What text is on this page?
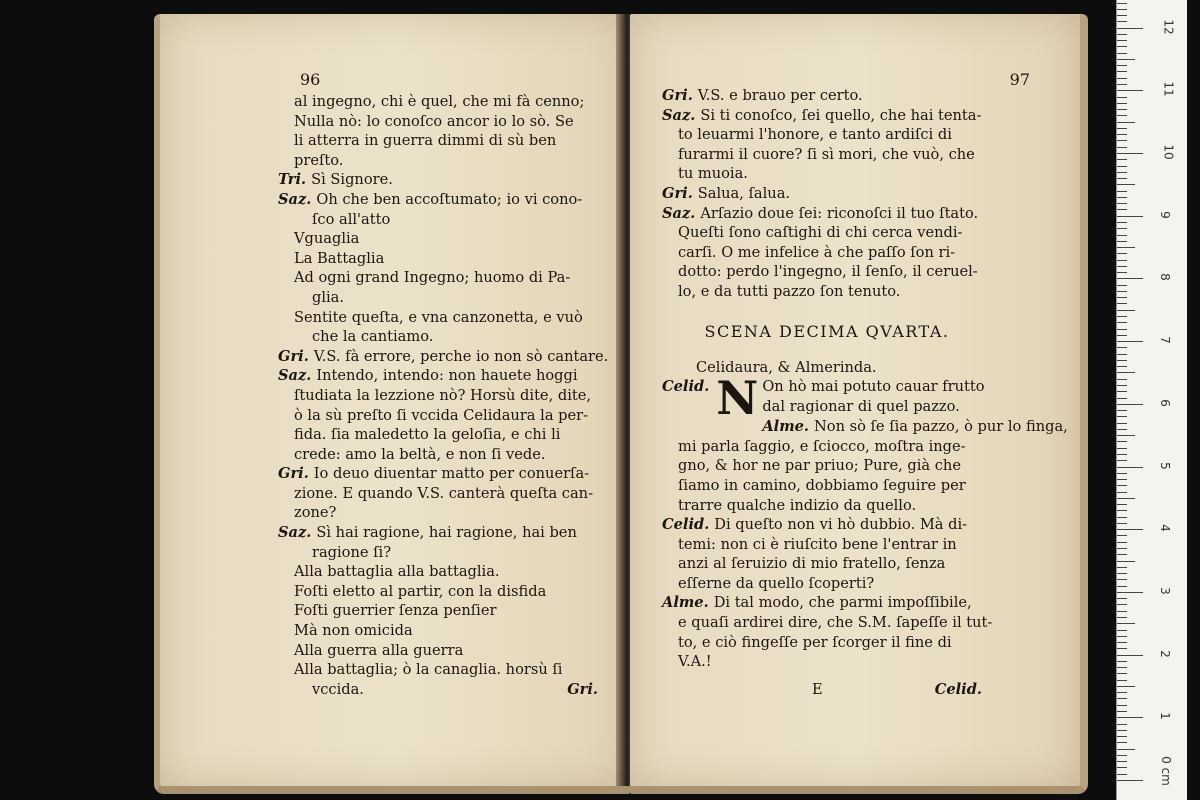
96
al ingegno, chi è quel, che mi fà cenno;
Nulla nò: lo conoſco ancor io lo sò. Se
li atterra in guerra dimmi di sù ben
preſto.
Tri. Sì Signore.
Saz. Oh che ben accoſtumato; io vi cono-
ſco all'atto
Vguaglia
La Battaglia
Ad ogni grand Ingegno; huomo di Pa-
glia.
Sentite queſta, e vna canzonetta, e vuò
che la cantiamo.
Gri. V.S. fà errore, perche io non sò cantare.
Saz. Intendo, intendo: non hauete hoggi
ſtudiata la lezzione nò? Horsù dite, dite,
ò la sù preſto ſi vccida Celidaura la per-
fida. ſia maledetto la geloſia, e chi li
crede: amo la beltà, e non ſi vede.
Gri. Io deuo diuentar matto per conuerſa-
zione. E quando V.S. canterà queſta can-
zone?
Saz. Sì hai ragione, hai ragione, hai ben
ragione ſi?
Alla battaglia alla battaglia.
Foſti eletto al partir, con la disfida
Foſti guerrier ſenza penſier
Mà non omicida
Alla guerra alla guerra
Alla battaglia; ò la canaglia. horsù ſi
vccida.	Gri.
97
Gri. V.S. e brauo per certo.
Saz. Si ti conoſco, ſei quello, che hai tenta-
to leuarmi l'honore, e tanto ardiſci di
furarmi il cuore? ſi sì mori, che vuò, che
tu muoia.
Gri. Salua, ſalua.
Saz. Arſazio doue ſei: riconoſci il tuo ſtato.
Queſti ſono caſtighi di chi cerca vendi-
carſi. O me infelice à che paſſo ſon ri-
dotto: perdo l'ingegno, il ſenſo, il ceruel-
lo, e da tutti pazzo ſon tenuto.
SCENA DECIMA QVARTA.
Celidaura, & Almerinda.
Celid. N On hò mai potuto cauar frutto
dal ragionar di quel pazzo.
Alme. Non sò ſe ſia pazzo, ò pur lo finga,
mi parla ſaggio, e ſciocco, moſtra inge-
gno, & hor ne par priuo; Pure, già che
ſiamo in camino, dobbiamo ſeguire per
trarre qualche indizio da quello.
Celid. Di queſto non vi hò dubbio. Mà di-
temi: non ci è riuſcito bene l'entrar in
anzi al ſeruizio di mio fratello, ſenza
eſſerne da quello ſcoperti?
Alme. Di tal modo, che parmi impoſſibile,
e quaſi ardirei dire, che S.M. ſapeſſe il tut-
to, e ciò fingeſſe per ſcorger il fine di
V.A.!
E	Celid.
0 cm
1
2
3
4
5
6
7
8
9
10
11
12
